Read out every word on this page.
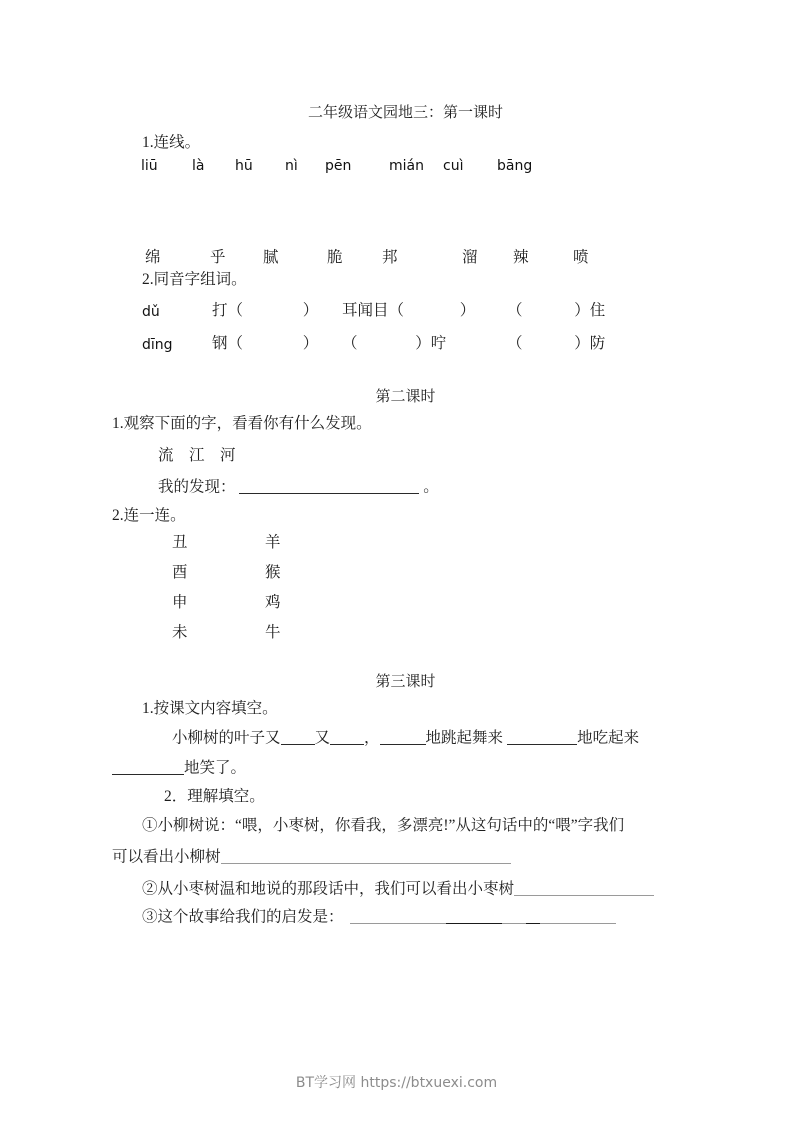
二年级语文园地三：第一课时
1.连线。
liū là hū nì pēn	mián cuì bāng
绵	乎 腻	脆	邦	溜 辣	喷
2.同音字组词。
dǔ	打（	） 耳闻目（	） （	）住
dīng	钢（	） （	）咛	（	）防
第二课时
1.观察下面的字，看看你有什么发现。
流　江　河
我的发现：	。
2.连一连。
丑	羊
酉	猴
申	鸡
未	牛
第三课时
1.按课文内容填空。
小柳树的叶子又 又 ，	地跳起舞来	地吃起来
地笑了。
2．理解填空。
①小柳树说：“喂，小枣树，你看我，多漂亮!”从这句话中的“喂”字我们
可以看出小柳树
②从小枣树温和地说的那段话中，我们可以看出小枣树
③这个故事给我们的启发是：
BT学习网 https://btxuexi.com
